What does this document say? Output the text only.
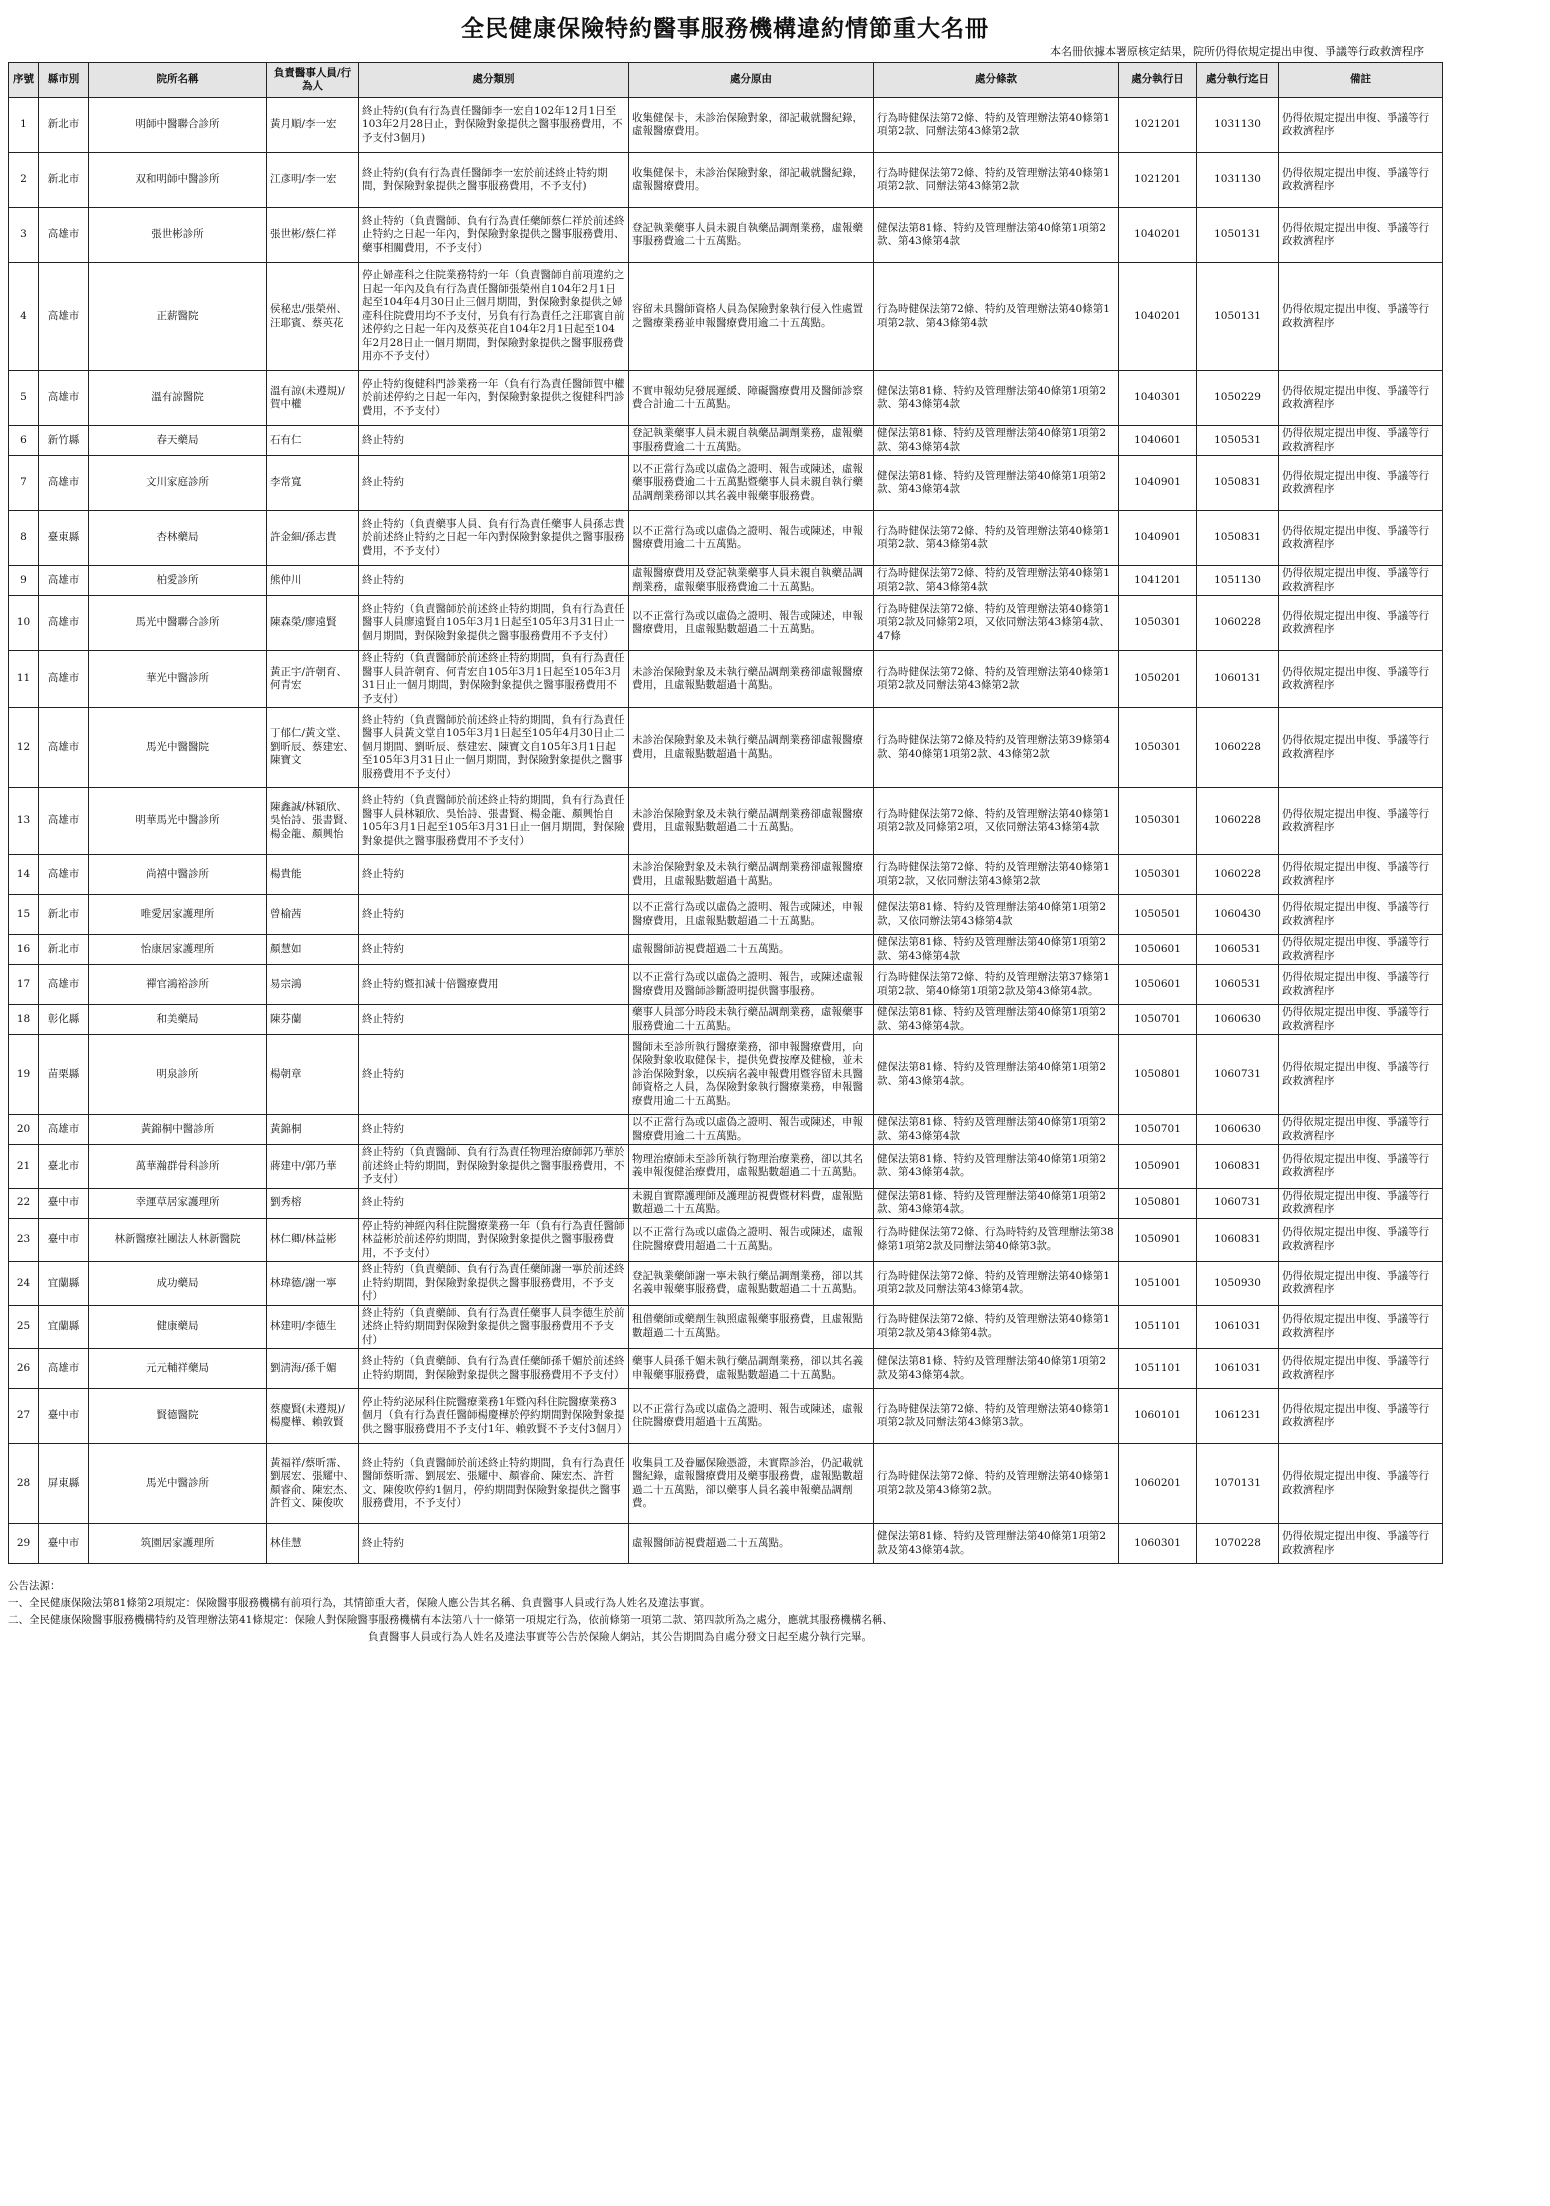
全民健康保險特約醫事服務機構違約情節重大名冊

本名冊依據本署原核定結果，院所仍得依規定提出申復、爭議等行政救濟程序

序號	縣市別	院所名稱	負責醫事人員/行為人	處分類別	處分原由	處分條款	處分執行日	處分執行迄日	備註
1	新北市	明師中醫聯合診所	黃月順/李一宏	終止特約(負有行為責任醫師李一宏自102年12月1日至103年2月28日止，對保險對象提供之醫事服務費用，不予支付3個月)	收集健保卡，未診治保險對象，卻記載就醫紀錄，虛報醫療費用。	行為時健保法第72條、特約及管理辦法第40條第1項第2款、同辦法第43條第2款	1021201	1031130	仍得依規定提出申復、爭議等行政救濟程序
2	新北市	双和明師中醫診所	江彥明/李一宏	終止特約(負有行為責任醫師李一宏於前述終止特約期間，對保險對象提供之醫事服務費用，不予支付)	收集健保卡，未診治保險對象，卻記載就醫紀錄，虛報醫療費用。	行為時健保法第72條、特約及管理辦法第40條第1項第2款、同辦法第43條第2款	1021201	1031130	仍得依規定提出申復、爭議等行政救濟程序
3	高雄市	張世彬診所	張世彬/蔡仁祥	終止特約（負責醫師、負有行為責任藥師蔡仁祥於前述終止特約之日起一年內，對保險對象提供之醫事服務費用、藥事相關費用，不予支付）	登記執業藥事人員未親自執藥品調劑業務，虛報藥事服務費逾二十五萬點。	健保法第81條、特約及管理辦法第40條第1項第2款、第43條第4款	1040201	1050131	仍得依規定提出申復、爭議等行政救濟程序
4	高雄市	正薪醫院	侯秘忠/張榮州、汪耶賓、蔡英花	停止婦產科之住院業務特約一年（負責醫師自前項違約之日起一年內及負有行為責任醫師張榮州自104年2月1日起至104年4月30日止三個月期間，對保險對象提供之婦產科住院費用均不予支付，另負有行為責任之汪耶賓自前述停約之日起一年內及蔡英花自104年2月1日起至104年2月28日止一個月期間，對保險對象提供之醫事服務費用亦不予支付）	容留未具醫師資格人員為保險對象執行侵入性處置之醫療業務並申報醫療費用逾二十五萬點。	行為時健保法第72條、特約及管理辦法第40條第1項第2款、第43條第4款	1040201	1050131	仍得依規定提出申復、爭議等行政救濟程序
5	高雄市	溫有諒醫院	溫有諒(未遵規)/賀中權	停止特約復健科門診業務一年（負有行為責任醫師賀中權於前述停約之日起一年內，對保險對象提供之復健科門診費用，不予支付）	不實申報幼兒發展遲緩、障礙醫療費用及醫師診察費合計逾二十五萬點。	健保法第81條、特約及管理辦法第40條第1項第2款、第43條第4款	1040301	1050229	仍得依規定提出申復、爭議等行政救濟程序
6	新竹縣	春天藥局	石有仁	終止特約	登記執業藥事人員未親自執藥品調劑業務，虛報藥事服務費逾二十五萬點。	健保法第81條、特約及管理辦法第40條第1項第2款、第43條第4款	1040601	1050531	仍得依規定提出申復、爭議等行政救濟程序
7	高雄市	文川家庭診所	李常寬	終止特約	以不正當行為或以虛偽之證明、報告或陳述，虛報藥事服務費逾二十五萬點暨藥事人員未親自執行藥品調劑業務卻以其名義申報藥事服務費。	健保法第81條、特約及管理辦法第40條第1項第2款、第43條第4款	1040901	1050831	仍得依規定提出申復、爭議等行政救濟程序
8	臺東縣	杏林藥局	許金細/孫志貴	終止特約（負責藥事人員、負有行為責任藥事人員孫志貴於前述終止特約之日起一年內對保險對象提供之醫事服務費用，不予支付）	以不正當行為或以虛偽之證明、報告或陳述，申報醫療費用逾二十五萬點。	行為時健保法第72條、特約及管理辦法第40條第1項第2款、第43條第4款	1040901	1050831	仍得依規定提出申復、爭議等行政救濟程序
9	高雄市	柏愛診所	熊仲川	終止特約	虛報醫療費用及登記執業藥事人員未親自執藥品調劑業務，虛報藥事服務費逾二十五萬點。	行為時健保法第72條、特約及管理辦法第40條第1項第2款、第43條第4款	1041201	1051130	仍得依規定提出申復、爭議等行政救濟程序
10	高雄市	馬光中醫聯合診所	陳森榮/廖遠賢	終止特約（負責醫師於前述終止特約期間，負有行為責任醫事人員廖遠賢自105年3月1日起至105年3月31日止一個月期間，對保險對象提供之醫事服務費用不予支付）	以不正當行為或以虛偽之證明、報告或陳述，申報醫療費用，且虛報點數超過二十五萬點。	行為時健保法第72條、特約及管理辦法第40條第1項第2款及同條第2項，又依同辦法第43條第4款、47條	1050301	1060228	仍得依規定提出申復、爭議等行政救濟程序
11	高雄市	華光中醫診所	黃正宇/許朝育、何青宏	終止特約（負責醫師於前述終止特約期間，負有行為責任醫事人員許朝育、何青宏自105年3月1日起至105年3月31日止一個月期間，對保險對象提供之醫事服務費用不予支付）	未診治保險對象及未執行藥品調劑業務卻虛報醫療費用，且虛報點數超過十萬點。	行為時健保法第72條、特約及管理辦法第40條第1項第2款及同辦法第43條第2款	1050201	1060131	仍得依規定提出申復、爭議等行政救濟程序
12	高雄市	馬光中醫醫院	丁郁仁/黃文堂、劉昕辰、蔡建宏、陳寶文	終止特約（負責醫師於前述終止特約期間，負有行為責任醫事人員黃文堂自105年3月1日起至105年4月30日止二個月期間、劉昕辰、蔡建宏、陳寶文自105年3月1日起至105年3月31日止一個月期間，對保險對象提供之醫事服務費用不予支付）	未診治保險對象及未執行藥品調劑業務卻虛報醫療費用，且虛報點數超過十萬點。	行為時健保法第72條及特約及管理辦法第39條第4款、第40條第1項第2款、43條第2款	1050301	1060228	仍得依規定提出申復、爭議等行政救濟程序
13	高雄市	明華馬光中醫診所	陳鑫誠/林穎欣、吳怡詩、張書賢、楊金龍、顏興怡	終止特約（負責醫師於前述終止特約期間，負有行為責任醫事人員林穎欣、吳怡詩、張書賢、楊金龍、顏興怡自105年3月1日起至105年3月31日止一個月期間，對保險對象提供之醫事服務費用不予支付）	未診治保險對象及未執行藥品調劑業務卻虛報醫療費用，且虛報點數超過二十五萬點。	行為時健保法第72條、特約及管理辦法第40條第1項第2款及同條第2項，又依同辦法第43條第4款	1050301	1060228	仍得依規定提出申復、爭議等行政救濟程序
14	高雄市	尚禧中醫診所	楊貴能	終止特約	未診治保險對象及未執行藥品調劑業務卻虛報醫療費用，且虛報點數超過十萬點。	行為時健保法第72條、特約及管理辦法第40條第1項第2款，又依同辦法第43條第2款	1050301	1060228	仍得依規定提出申復、爭議等行政救濟程序
15	新北市	唯愛居家護理所	曾榆茜	終止特約	以不正當行為或以虛偽之證明、報告或陳述，申報醫療費用，且虛報點數超過二十五萬點。	健保法第81條、特約及管理辦法第40條第1項第2款，又依同辦法第43條第4款	1050501	1060430	仍得依規定提出申復、爭議等行政救濟程序
16	新北市	怡康居家護理所	顏慧如	終止特約	虛報醫師訪視費超過二十五萬點。	健保法第81條、特約及管理辦法第40條第1項第2款、第43條第4款	1050601	1060531	仍得依規定提出申復、爭議等行政救濟程序
17	高雄市	禪官鴻裕診所	易宗鴻	終止特約暨扣減十倍醫療費用	以不正當行為或以虛偽之證明、報告，或陳述虛報醫療費用及醫師診斷證明提供醫事服務。	行為時健保法第72條、特約及管理辦法第37條第1項第2款、第40條第1項第2款及第43條第4款。	1050601	1060531	仍得依規定提出申復、爭議等行政救濟程序
18	彰化縣	和美藥局	陳芬蘭	終止特約	藥事人員部分時段未執行藥品調劑業務，虛報藥事服務費逾二十五萬點。	健保法第81條、特約及管理辦法第40條第1項第2款、第43條第4款。	1050701	1060630	仍得依規定提出申復、爭議等行政救濟程序
19	苗栗縣	明泉診所	楊朝章	終止特約	醫師未至診所執行醫療業務，卻申報醫療費用，向保險對象收取健保卡，提供免費按摩及健檢，並未診治保險對象，以疾病名義申報費用暨容留未具醫師資格之人員，為保險對象執行醫療業務，申報醫療費用逾二十五萬點。	健保法第81條、特約及管理辦法第40條第1項第2款、第43條第4款。	1050801	1060731	仍得依規定提出申復、爭議等行政救濟程序
20	高雄市	黃錦桐中醫診所	黃錦桐	終止特約	以不正當行為或以虛偽之證明、報告或陳述，申報醫療費用逾二十五萬點。	健保法第81條、特約及管理辦法第40條第1項第2款、第43條第4款	1050701	1060630	仍得依規定提出申復、爭議等行政救濟程序
21	臺北市	萬華瀚群骨科診所	蔣建中/郭乃華	終止特約（負責醫師、負有行為責任物理治療師郭乃華於前述終止特約期間，對保險對象提供之醫事服務費用，不予支付）	物理治療師未至診所執行物理治療業務，卻以其名義申報復健治療費用，虛報點數超過二十五萬點。	健保法第81條、特約及管理辦法第40條第1項第2款、第43條第4款。	1050901	1060831	仍得依規定提出申復、爭議等行政救濟程序
22	臺中市	幸運草居家護理所	劉秀榕	終止特約	未親自實際護理師及護理訪視費暨材料費，虛報點數超過二十五萬點。	健保法第81條、特約及管理辦法第40條第1項第2款、第43條第4款。	1050801	1060731	仍得依規定提出申復、爭議等行政救濟程序
23	臺中市	林新醫療社團法人林新醫院	林仁卿/林益彬	停止特約神經內科住院醫療業務一年（負有行為責任醫師林益彬於前述停約期間，對保險對象提供之醫事服務費用，不予支付）	以不正當行為或以虛偽之證明、報告或陳述，虛報住院醫療費用超過二十五萬點。	行為時健保法第72條、行為時特約及管理辦法第38條第1項第2款及同辦法第40條第3款。	1050901	1060831	仍得依規定提出申復、爭議等行政救濟程序
24	宜蘭縣	成功藥局	林瑋德/謝一寧	終止特約（負責藥師、負有行為責任藥師謝一寧於前述終止特約期間，對保險對象提供之醫事服務費用，不予支付）	登記執業藥師謝一寧未執行藥品調劑業務，卻以其名義申報藥事服務費，虛報點數超過二十五萬點。	行為時健保法第72條、特約及管理辦法第40條第1項第2款及同辦法第43條第4款。	1051001	1050930	仍得依規定提出申復、爭議等行政救濟程序
25	宜蘭縣	健康藥局	林建明/李德生	終止特約（負責藥師、負有行為責任藥事人員李德生於前述終止特約期間對保險對象提供之醫事服務費用不予支付）	租借藥師或藥劑生執照虛報藥事服務費，且虛報點數超過二十五萬點。	行為時健保法第72條、特約及管理辦法第40條第1項第2款及第43條第4款。	1051101	1061031	仍得依規定提出申復、爭議等行政救濟程序
26	高雄市	元元輔祥藥局	劉淸海/孫千媚	終止特約（負責藥師、負有行為責任藥師孫千媚於前述終止特約期間，對保險對象提供之醫事服務費用不予支付）	藥事人員孫千媚未執行藥品調劑業務，卻以其名義申報藥事服務費，虛報點數超過二十五萬點。	健保法第81條、特約及管理辦法第40條第1項第2款及第43條第4款。	1051101	1061031	仍得依規定提出申復、爭議等行政救濟程序
27	臺中市	賢德醫院	蔡慶賢(未遵規)/楊慶樺、賴敦賢	停止特約泌尿科住院醫療業務1年暨內科住院醫療業務3個月（負有行為責任醫師楊慶樺於停約期間對保險對象提供之醫事服務費用不予支付1年、賴敦賢不予支付3個月）	以不正當行為或以虛偽之證明、報告或陳述，虛報住院醫療費用超過十五萬點。	行為時健保法第72條、特約及管理辦法第40條第1項第2款及同辦法第43條第3款。	1060101	1061231	仍得依規定提出申復、爭議等行政救濟程序
28	屏東縣	馬光中醫診所	黃福祥/蔡昕霈、劉展宏、張耀中、顏睿俞、陳宏杰、許哲文、陳俊吹	終止特約（負責醫師於前述終止特約期間，負有行為責任醫師蔡昕霈、劉展宏、張耀中、顏睿俞、陳宏杰、許哲文、陳俊吹停約1個月，停約期間對保險對象提供之醫事服務費用，不予支付）	收集員工及眷屬保險憑證，未實際診治，仍記載就醫紀錄，虛報醫療費用及藥事服務費，虛報點數超過二十五萬點，卻以藥事人員名義申報藥品調劑費。	行為時健保法第72條、特約及管理辦法第40條第1項第2款及第43條第2款。	1060201	1070131	仍得依規定提出申復、爭議等行政救濟程序
29	臺中市	筑園居家護理所	林佳慧	終止特約	虛報醫師訪視費超過二十五萬點。	健保法第81條、特約及管理辦法第40條第1項第2款及第43條第4款。	1060301	1070228	仍得依規定提出申復、爭議等行政救濟程序
公告法源：
一、全民健康保險法第81條第2項規定：保險醫事服務機構有前項行為，其情節重大者，保險人應公告其名稱、負責醫事人員或行為人姓名及違法事實。
二、全民健康保險醫事服務機構特約及管理辦法第41條規定：保險人對保險醫事服務機構有本法第八十一條第一項規定行為，依前條第一項第二款、第四款所為之處分，應就其服務機構名稱、
負責醫事人員或行為人姓名及違法事實等公告於保險人網站，其公告期間為自處分發文日起至處分執行完畢。
